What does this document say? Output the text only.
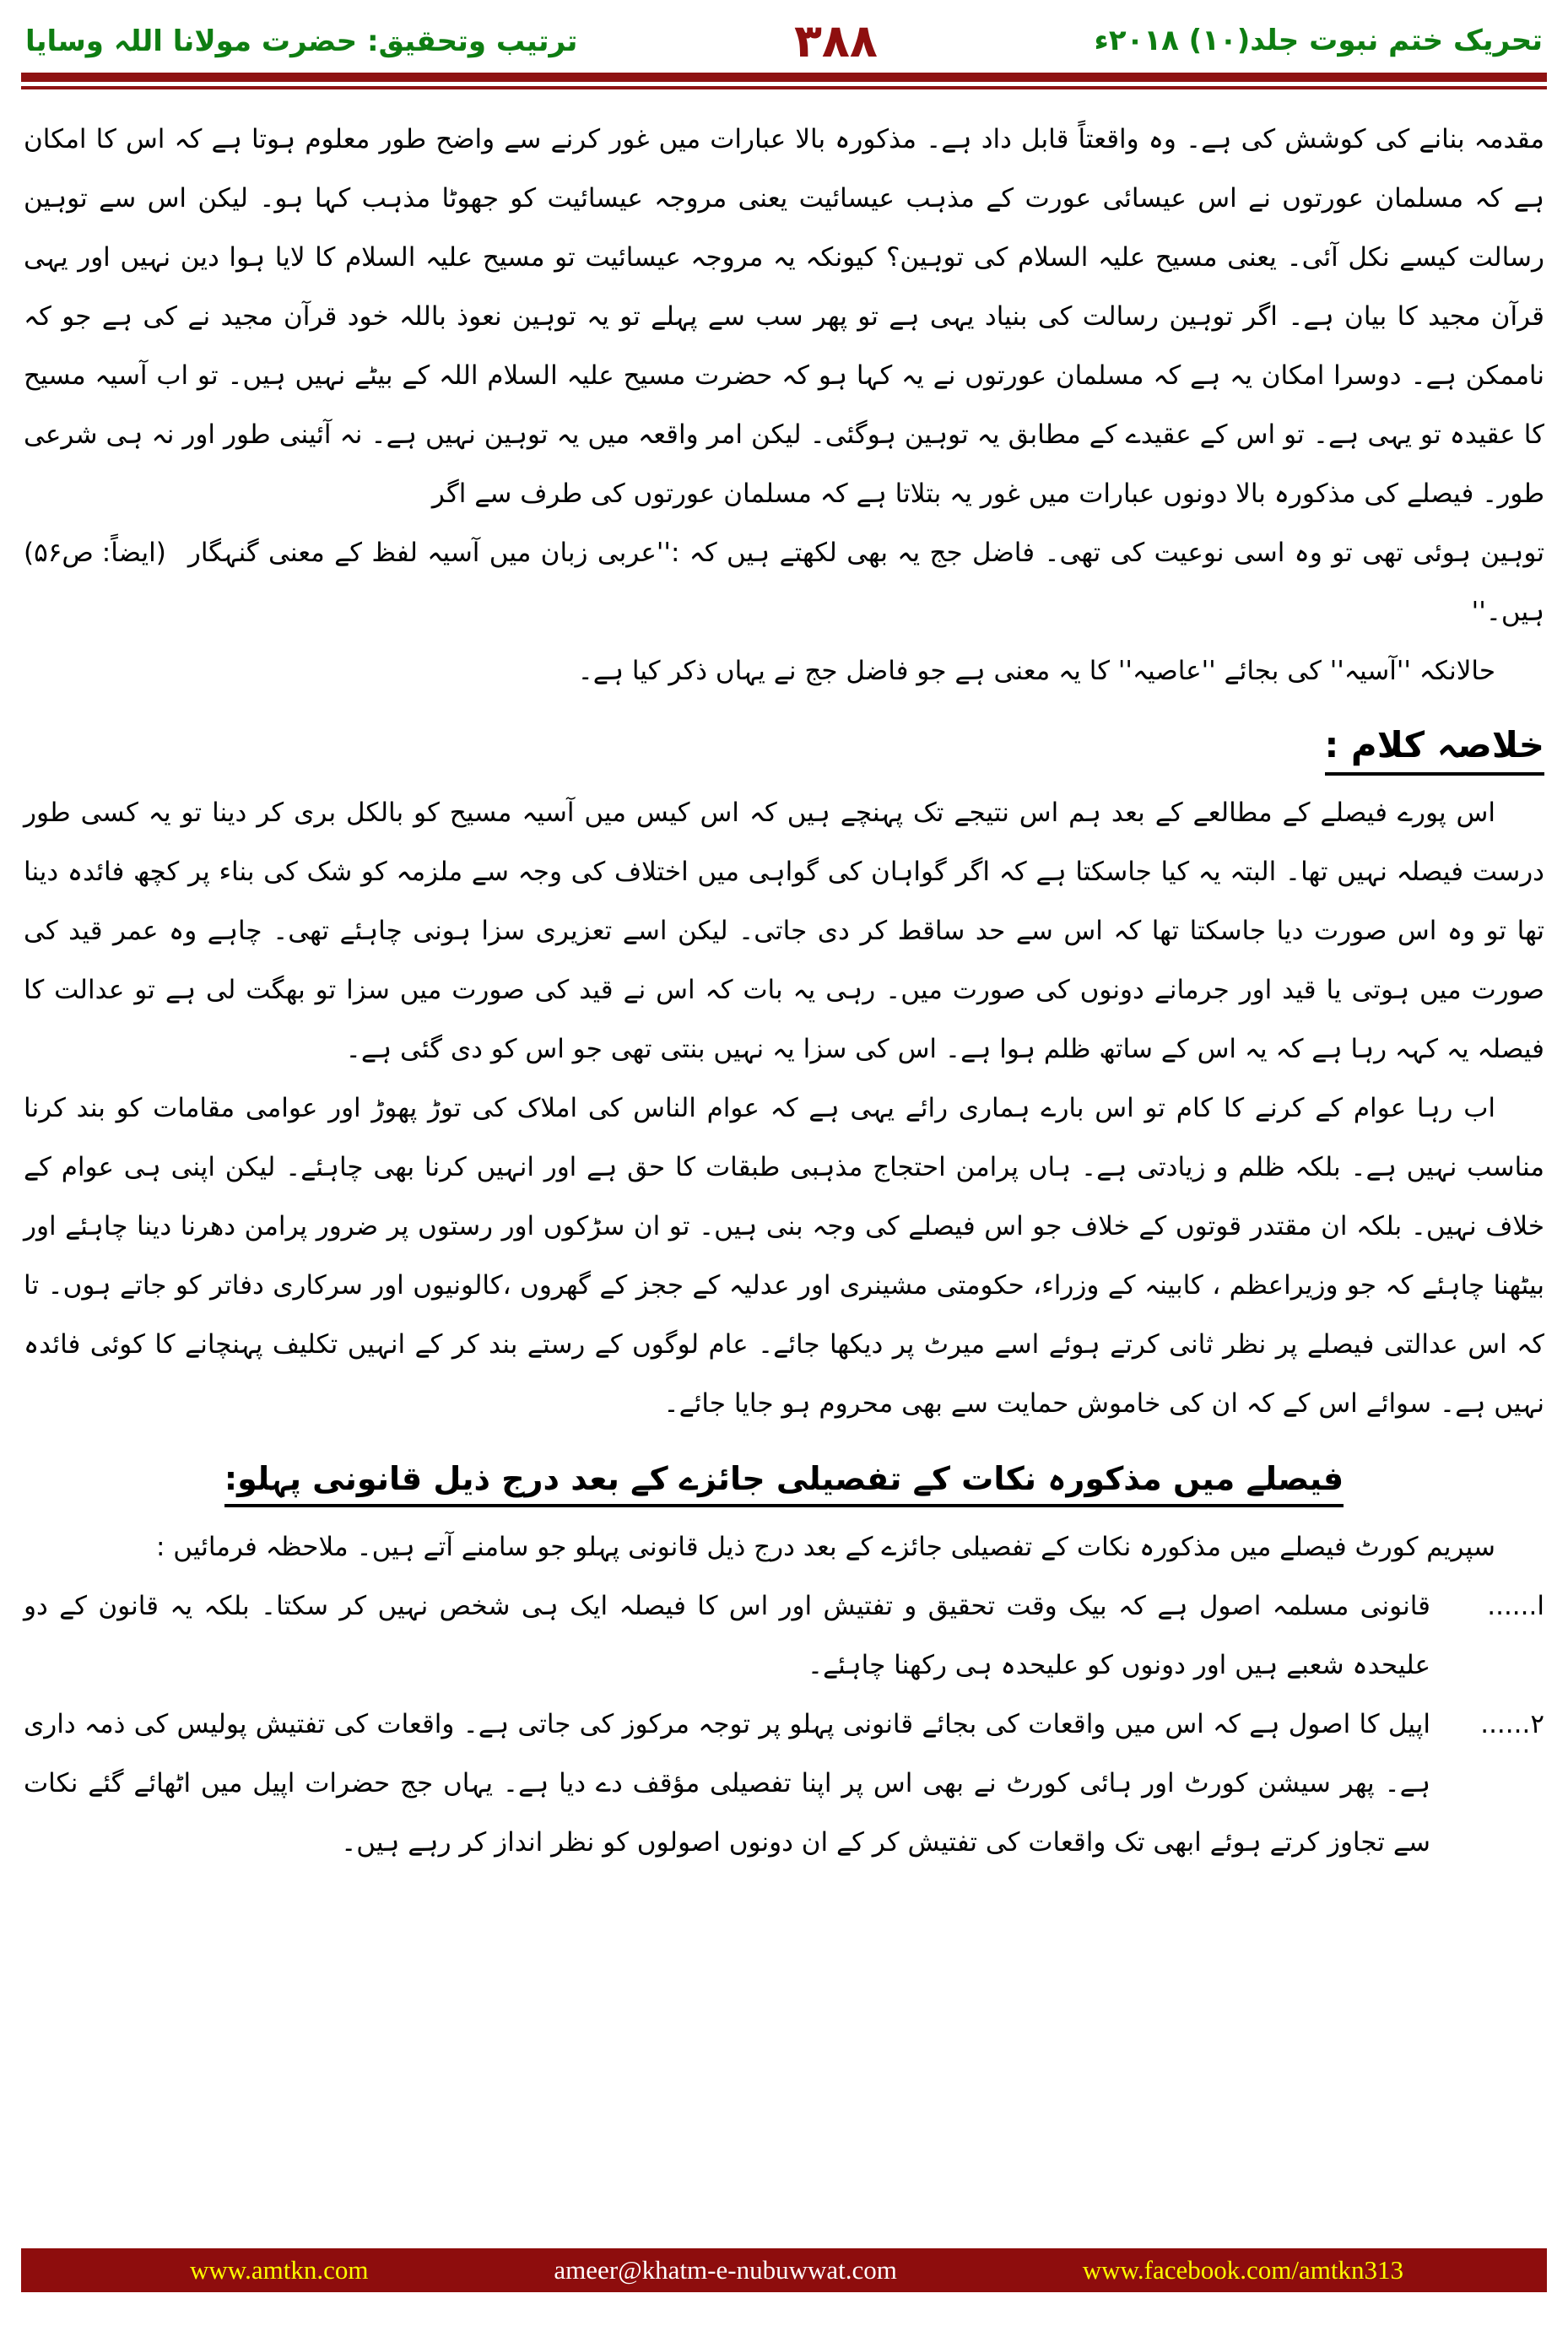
تحریک ختم نبوت جلد(۱۰) ۲۰۱۸ء
۳۸۸
ترتیب وتحقیق: حضرت مولانا اللہ وسایا

مقدمہ بنانے کی کوشش کی ہے۔ وہ واقعتاً قابل داد ہے۔ مذکورہ بالا عبارات میں غور کرنے سے واضح طور معلوم ہوتا ہے کہ اس کا امکان ہے کہ مسلمان عورتوں نے اس عیسائی عورت کے مذہب عیسائیت یعنی مروجہ عیسائیت کو جھوٹا مذہب کہا ہو۔ لیکن اس سے توہین رسالت کیسے نکل آئی۔ یعنی مسیح علیہ السلام کی توہین؟ کیونکہ یہ مروجہ عیسائیت تو مسیح علیہ السلام کا لایا ہوا دین نہیں اور یہی قرآن مجید کا بیان ہے۔ اگر توہین رسالت کی بنیاد یہی ہے تو پھر سب سے پہلے تو یہ توہین نعوذ باللہ خود قرآن مجید نے کی ہے جو کہ ناممکن ہے۔ دوسرا امکان یہ ہے کہ مسلمان عورتوں نے یہ کہا ہو کہ حضرت مسیح علیہ السلام اللہ کے بیٹے نہیں ہیں۔ تو اب آسیہ مسیح کا عقیدہ تو یہی ہے۔ تو اس کے عقیدے کے مطابق یہ توہین ہوگئی۔ لیکن امر واقعہ میں یہ توہین نہیں ہے۔ نہ آئینی طور اور نہ ہی شرعی طور۔ فیصلے کی مذکورہ بالا دونوں عبارات میں غور یہ بتلاتا ہے کہ مسلمان عورتوں کی طرف سے اگر

توہین ہوئی تھی تو وہ اسی نوعیت کی تھی۔ فاضل جج یہ بھی لکھتے ہیں کہ :''عربی زبان میں آسیہ لفظ کے معنی گنہگار ہیں۔''
(ایضاً: ص۵۶)

حالانکہ ''آسیہ'' کی بجائے ''عاصیہ'' کا یہ معنی ہے جو فاضل جج نے یہاں ذکر کیا ہے۔

خلاصہ کلام :

اس پورے فیصلے کے مطالعے کے بعد ہم اس نتیجے تک پہنچے ہیں کہ اس کیس میں آسیہ مسیح کو بالکل بری کر دینا تو یہ کسی طور درست فیصلہ نہیں تھا۔ البتہ یہ کیا جاسکتا ہے کہ اگر گواہان کی گواہی میں اختلاف کی وجہ سے ملزمہ کو شک کی بناء پر کچھ فائدہ دینا تھا تو وہ اس صورت دیا جاسکتا تھا کہ اس سے حد ساقط کر دی جاتی۔ لیکن اسے تعزیری سزا ہونی چاہئے تھی۔ چاہے وہ عمر قید کی صورت میں ہوتی یا قید اور جرمانے دونوں کی صورت میں۔ رہی یہ بات کہ اس نے قید کی صورت میں سزا تو بھگت لی ہے تو عدالت کا فیصلہ یہ کہہ رہا ہے کہ یہ اس کے ساتھ ظلم ہوا ہے۔ اس کی سزا یہ نہیں بنتی تھی جو اس کو دی گئی ہے۔

اب رہا عوام کے کرنے کا کام تو اس بارے ہماری رائے یہی ہے کہ عوام الناس کی املاک کی توڑ پھوڑ اور عوامی مقامات کو بند کرنا مناسب نہیں ہے۔ بلکہ ظلم و زیادتی ہے۔ ہاں پرامن احتجاج مذہبی طبقات کا حق ہے اور انہیں کرنا بھی چاہئے۔ لیکن اپنی ہی عوام کے خلاف نہیں۔ بلکہ ان مقتدر قوتوں کے خلاف جو اس فیصلے کی وجہ بنی ہیں۔ تو ان سڑکوں اور رستوں پر ضرور پرامن دھرنا دینا چاہئے اور بیٹھنا چاہئے کہ جو وزیراعظم ، کابینہ کے وزراء، حکومتی مشینری اور عدلیہ کے ججز کے گھروں ،کالونیوں اور سرکاری دفاتر کو جاتے ہوں۔ تا کہ اس عدالتی فیصلے پر نظر ثانی کرتے ہوئے اسے میرٹ پر دیکھا جائے۔ عام لوگوں کے رستے بند کر کے انہیں تکلیف پہنچانے کا کوئی فائدہ نہیں ہے۔ سوائے اس کے کہ ان کی خاموش حمایت سے بھی محروم ہو جایا جائے۔

فیصلے میں مذکورہ نکات کے تفصیلی جائزے کے بعد درج ذیل قانونی پہلو:

سپریم کورٹ فیصلے میں مذکورہ نکات کے تفصیلی جائزے کے بعد درج ذیل قانونی پہلو جو سامنے آتے ہیں۔ ملاحظہ فرمائیں :

ا......
قانونی مسلمہ اصول ہے کہ بیک وقت تحقیق و تفتیش اور اس کا فیصلہ ایک ہی شخص نہیں کر سکتا۔ بلکہ یہ قانون کے دو علیحدہ شعبے ہیں اور دونوں کو علیحدہ ہی رکھنا چاہئے۔
۲......
اپیل کا اصول ہے کہ اس میں واقعات کی بجائے قانونی پہلو پر توجہ مرکوز کی جاتی ہے۔ واقعات کی تفتیش پولیس کی ذمہ داری ہے۔ پھر سیشن کورٹ اور ہائی کورٹ نے بھی اس پر اپنا تفصیلی مؤقف دے دیا ہے۔ یہاں جج حضرات اپیل میں اٹھائے گئے نکات سے تجاوز کرتے ہوئے ابھی تک واقعات کی تفتیش کر کے ان دونوں اصولوں کو نظر انداز کر رہے ہیں۔
www.amtkn.com	ameer@khatm-e-nubuwwat.com	www.facebook.com/amtkn313
